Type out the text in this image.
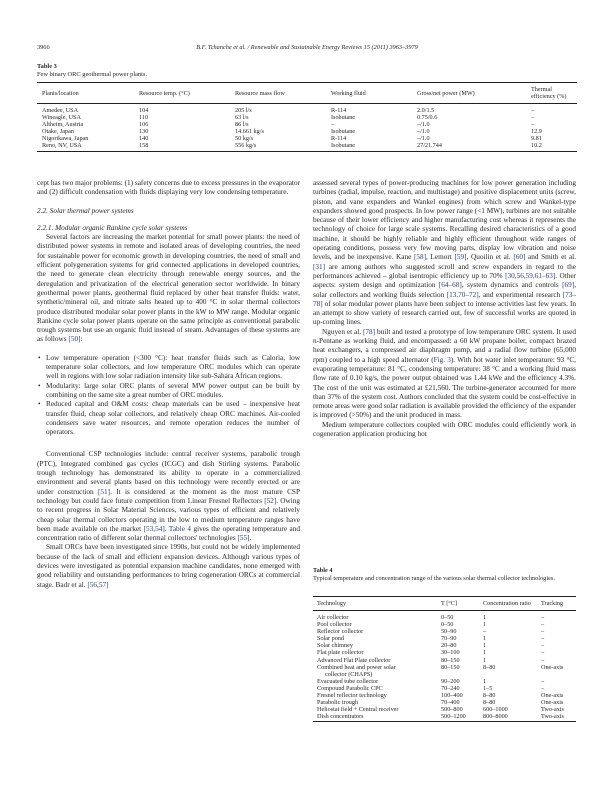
3966	B.F. Tchanche et al. / Renewable and Sustainable Energy Reviews 15 (2011) 3963–3979
Table 3
Few binary ORC geothermal power plants.
Plants/location	Resource temp. (°C)	Resource mass flow	Working fluid	Gross/net power (MW)	Thermal efficiency (%)
Amedee, USA	104	205 l/s	R-114	2.0/1.5	–
Wineagle, USA	110	63 l/s	Isobutane	0.75/0.6	–
Altheim, Austria	106	86 l/s	–	–/1.0	–
Otake, Japan	130	14.661 kg/s	Isobutane	–/1.0	12.9
Nigorikawa, Japan	140	50 kg/s	R-114	–/1.0	9.81
Reno, NV, USA	158	556 kg/s	Isobutane	27/21.744	10.2

cept has two major problems: (1) safety concerns due to excess pressures in the evaporator and (2) difficult condensation with fluids displaying very low condensing temperature.

2.2. Solar thermal power systems
2.2.1. Modular organic Rankine cycle solar systems

Several factors are increasing the market potential for small power plants: the need of distributed power systems in remote and isolated areas of developing countries, the need for sustainable power for economic growth in developing countries, the need of small and efficient polygeneration systems for grid connected applications in developed countries, the need to generate clean electricity through renewable energy sources, and the deregulation and privatization of the electrical generation sector worldwide. In binary geothermal power plants, geothermal fluid replaced by other heat transfer fluids: water, synthetic/mineral oil, and nitrate salts heated up to 400 °C in solar thermal collectors produce distributed modular solar power plants in the kW to MW range. Modular organic Rankine cycle solar power plants operate on the same principle as conventional parabolic trough systems but use an organic fluid instead of steam. Advantages of these systems are as follows [50]:

• Low temperature operation (<300 °C): heat transfer fluids such as Caloria, low temperature solar collectors, and low temperature ORC modules which can operate well in regions with low solar radiation intensity like sub-Sahara African regions.
• Modularity: large solar ORC plants of several MW power output can be built by combining on the same site a great number of ORC modules.
• Reduced capital and O&M costs: cheap materials can be used – inexpensive heat transfer fluid, cheap solar collectors, and relatively cheap ORC machines. Air-cooled condensers save water resources, and remote operation reduces the number of operators.

Conventional CSP technologies include: central receiver systems, parabolic trough (PTC), Integrated combined gas cycles (ICGC) and dish Stirling systems. Parabolic trough technology has demonstrated its ability to operate in a commercialized environment and several plants based on this technology were recently erected or are under construction [51]. It is considered at the moment as the most mature CSP technology but could face future competition from Linear Fresnel Reflectors [52]. Owing to recent progress in Solar Material Sciences, various types of efficient and relatively cheap solar thermal collectors operating in the low to medium temperature ranges have been made available on the market [53,54]. Table 4 gives the operating temperature and concentration ratio of different solar thermal collectors' technologies [55].

Small ORCs have been investigated since 1990s, but could not be widely implemented because of the lack of small and efficient expansion devices. Although various types of devices were investigated as potential expansion machine candidates, none emerged with good reliability and outstanding performances to bring cogeneration ORCs at commercial stage. Badr et al. [56,57]

assessed several types of power-producing machines for low power generation including turbines (radial, impulse, reaction, and multistage) and positive displacement units (screw, piston, and vane expanders and Wankel engines) from which screw and Wankel-type expanders showed good prospects. In low power range (<1 MW), turbines are not suitable because of their lower efficiency and higher manufacturing cost whereas it represents the technology of choice for large scale systems. Recalling desired characteristics of a good machine, it should be highly reliable and highly efficient throughout wide ranges of operating conditions, possess very few moving parts, display low vibration and noise levels, and be inexpensive. Kane [58], Lemort [59], Quoilin et al. [60] and Smith et al. [31] are among authors who suggested scroll and screw expanders in regard to the performances achieved – global isentropic efficiency up to 70% [30,56,59,61–63]. Other aspects: system design and optimization [64–68], system dynamics and controls [69], solar collectors and working fluids selection [13,70–72], and experimental research [73–78] of solar modular power plants have been subject to intense activities last few years. In an attempt to show variety of research carried out, few of successful works are quoted in up-coming lines.

Nguyen et al. [78] built and tested a prototype of low temperature ORC system. It used n-Pentane as working fluid, and encompassed: a 60 kW propane boiler, compact brazed heat exchangers, a compressed air diaphragm pump, and a radial flow turbine (65,000 rpm) coupled to a high speed alternator (Fig. 3). With hot water inlet temperature: 93 °C, evaporating temperature: 81 °C, condensing temperature: 38 °C and a working fluid mass flow rate of 0.10 kg/s, the power output obtained was 1.44 kWe and the efficiency 4.3%. The cost of the unit was estimated at £21,560. The turbine-generator accounted for more than 37% of the system cost. Authors concluded that the system could be cost-effective in remote areas were good solar radiation is available provided the efficiency of the expander is improved (>50%) and the unit produced in mass.

Medium temperature collectors coupled with ORC modules could efficiently work in cogeneration application producing hot

Table 4
Typical temperature and concentration range of the various solar thermal collector technologies.
Technology	T [°C]	Concentration ratio	Tracking
Air collector	0–50	1	–
Pool collector	0–50	1	–
Reflector collector	50–90	–	–
Solar pond	70–90	1	–
Solar chimney	20–80	1	–
Flat plate collector	30–100	1	–
Advanced Flat Plate collector	80–150	1	–
Combined heat and power solar
collector (CHAPS)	80–150	8–80	One-axis
Evacuated tube collector	90–200	1	–
Compound Parabolic CPC	70–240	1–5	–
Fresnel reflector technology	100–400	8–80	One-axis
Parabolic trough	70–400	8–80	One-axis
Heliostat field + Central receiver	500–800	600–1000	Two-axis
Dish concentrators	500–1200	800–8000	Two-axis
